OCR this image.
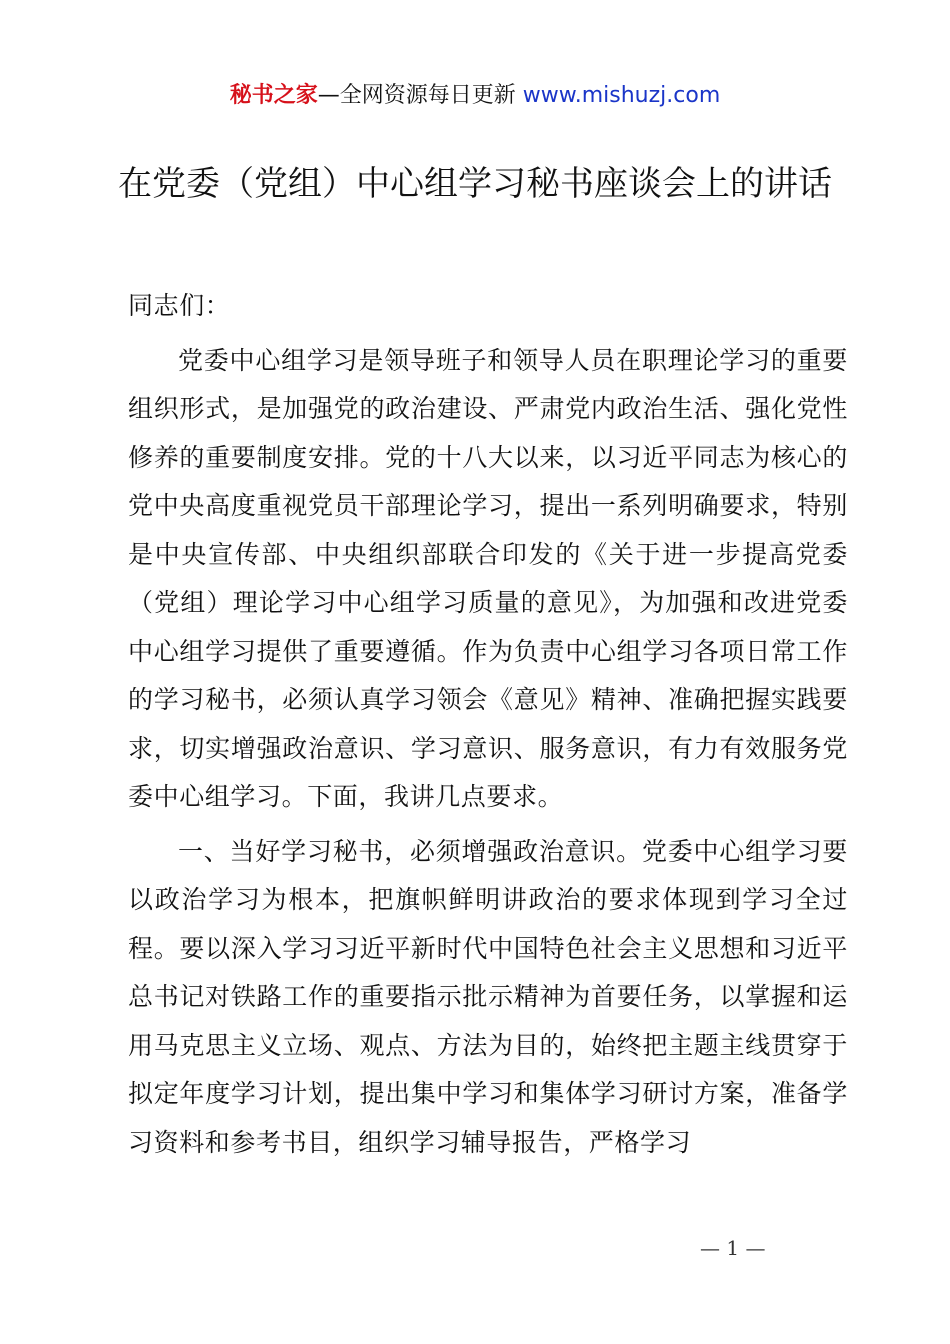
秘书之家—全网资源每日更新 www.mishuzj.com
在党委（党组）中心组学习秘书座谈会上的讲话

同志们：

党委中心组学习是领导班子和领导人员在职理论学习的重要组织形式，是加强党的政治建设、严肃党内政治生活、强化党性修养的重要制度安排。党的十八大以来，以习近平同志为核心的党中央高度重视党员干部理论学习，提出一系列明确要求，特别是中央宣传部、中央组织部联合印发的《关于进一步提高党委（党组）理论学习中心组学习质量的意见》，为加强和改进党委中心组学习提供了重要遵循。作为负责中心组学习各项日常工作的学习秘书，必须认真学习领会《意见》精神、准确把握实践要求，切实增强政治意识、学习意识、服务意识，有力有效服务党委中心组学习。下面，我讲几点要求。

一、当好学习秘书，必须增强政治意识。党委中心组学习要以政治学习为根本，把旗帜鲜明讲政治的要求体现到学习全过程。要以深入学习习近平新时代中国特色社会主义思想和习近平总书记对铁路工作的重要指示批示精神为首要任务，以掌握和运用马克思主义立场、观点、方法为目的，始终把主题主线贯穿于拟定年度学习计划，提出集中学习和集体学习研讨方案，准备学习资料和参考书目，组织学习辅导报告，严格学习

— 1 —
